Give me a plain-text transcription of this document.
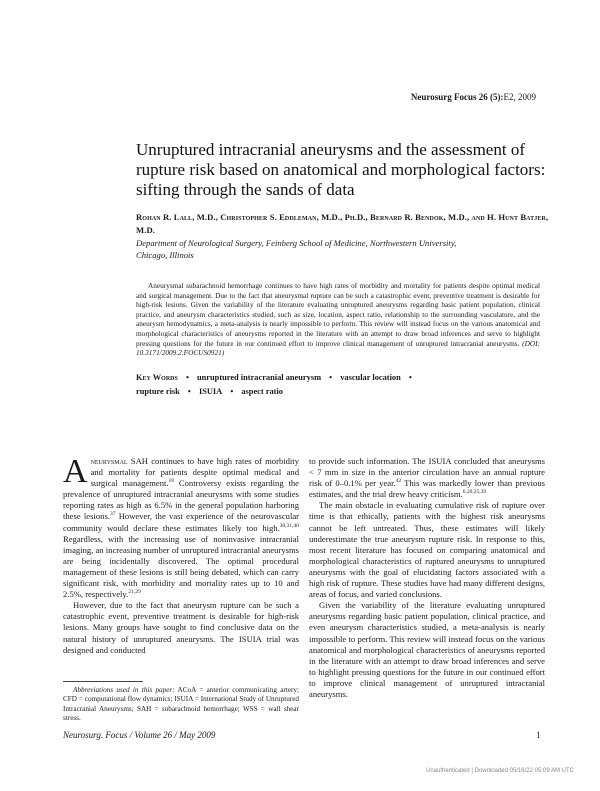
Neurosurg Focus 26 (5):E2, 2009
Unruptured intracranial aneurysms and the assessment of rupture risk based on anatomical and morphological factors: sifting through the sands of data
Rohan R. Lall, M.D., Christopher S. Eddleman, M.D., Ph.D., Bernard R. Bendok, M.D., and H. Hunt Batjer, M.D.
Department of Neurological Surgery, Feinberg School of Medicine, Northwestern University,
Chicago, Illinois
Aneurysmal subarachnoid hemorrhage continues to have high rates of morbidity and mortality for patients despite optimal medical and surgical management. Due to the fact that aneurysmal rupture can be such a catastrophic event, preventive treatment is desirable for high-risk lesions. Given the variability of the literature evaluating unruptured aneurysms regarding basic patient population, clinical practice, and aneurysm characteristics studied, such as size, location, aspect ratio, relationship to the surrounding vasculature, and the aneurysm hemodynamics, a meta-analysis is nearly impossible to perform. This review will instead focus on the various anatomical and morphological characteristics of aneurysms reported in the literature with an attempt to draw broad inferences and serve to highlight pressing questions for the future in our continued effort to improve clinical management of unruptured intracranial aneurysms. (DOI: 10.3171/2009.2.FOCUS0921)
Key Words • unruptured intracranial aneurysm • vascular location •
rupture risk • ISUIA • aspect ratio

Aneurysmal SAH continues to have high rates of morbidity and mortality for patients despite optimal medical and surgical management.$^{18}$ Controversy exists regarding the prevalence of unruptured intracranial aneurysms with some studies reporting rates as high as 6.5% in the general population harboring these lesions.$^{37}$ However, the vast experience of the neurovascular community would declare these estimates likely too high.$^{30,31,40}$ Regardless, with the increasing use of noninvasive intracranial imaging, an increasing number of unruptured intracranial aneurysms are being incidentally discovered. The optimal procedural management of these lesions is still being debated, which can carry significant risk, with morbidity and mortality rates up to 10 and 2.5%, respectively.$^{21,29}$

However, due to the fact that aneurysm rupture can be such a catastrophic event, preventive treatment is desirable for high-risk lesions. Many groups have sought to find conclusive data on the natural history of unruptured aneurysms. The ISUIA trial was designed and conducted

to provide such information. The ISUIA concluded that aneurysms < 7 mm in size in the anterior circulation have an annual rupture risk of 0–0.1% per year.$^{42}$ This was markedly lower than previous estimates, and the trial drew heavy criticism.$^{6,20,25,39}$

The main obstacle in evaluating cumulative risk of rupture over time is that ethically, patients with the highest risk aneurysms cannot be left untreated. Thus, these estimates will likely underestimate the true aneurysm rupture risk. In response to this, most recent literature has focused on comparing anatomical and morphological characteristics of ruptured aneurysms to unruptured aneurysms with the goal of elucidating factors associated with a high risk of rupture. These studies have had many different designs, areas of focus, and varied conclusions.

Given the variability of the literature evaluating unruptured aneurysms regarding basic patient population, clinical practice, and even aneurysm characteristics studied, a meta-analysis is nearly impossible to perform. This review will instead focus on the various anatomical and morphological characteristics of aneurysms reported in the literature with an attempt to draw broad inferences and serve to highlight pressing questions for the future in our continued effort to improve clinical management of unruptured intracranial aneurysms.

Abbreviations used in this paper: ACoA = anterior communicating artery; CFD = computational flow dynamics; ISUIA = International Study of Unruptured Intracranial Aneurysms; SAH = subarachnoid hemorrhage; WSS = wall shear stress.
Neurosurg. Focus / Volume 26 / May 2009	1
Unauthenticated | Downloaded 05/16/22 05:09 AM UTC
